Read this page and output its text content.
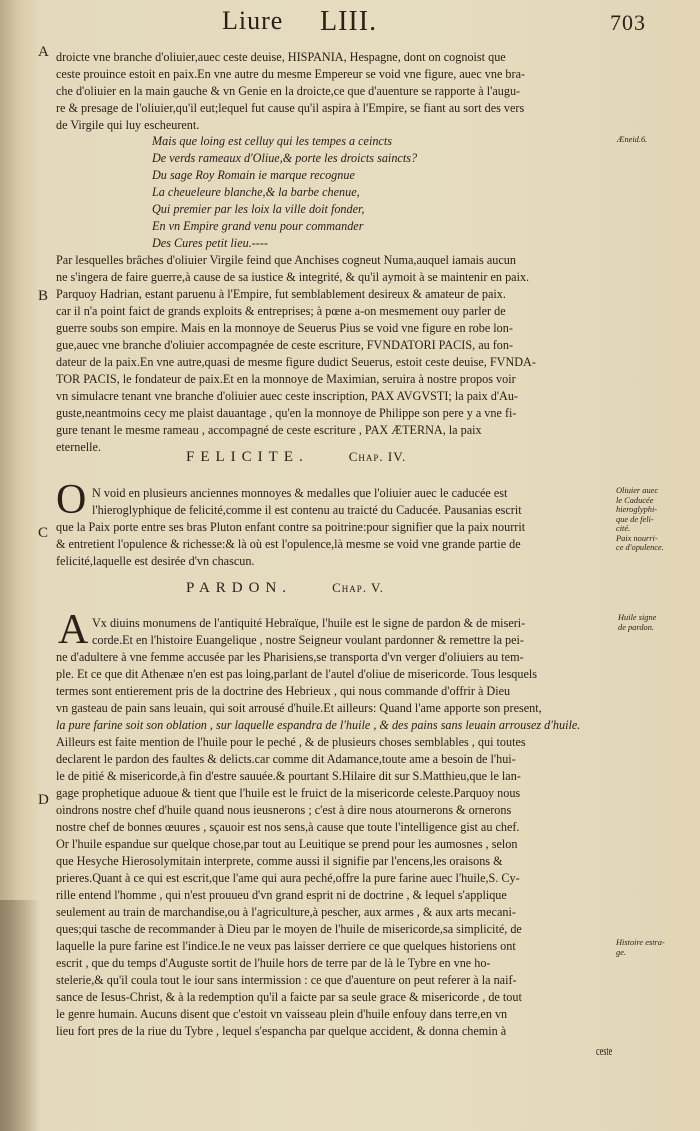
Liure LIII.	703
A
B
C
D
droicte vne branche d'oliuier,auec ceste deuise, HISPANIA, Hespagne, dont on cognoist que
ceste prouince estoit en paix.En vne autre du mesme Empereur se void vne figure, auec vne bra-
che d'oliuier en la main gauche & vn Genie en la droicte,ce que d'auenture se rapporte à l'augu-
re & presage de l'oliuier,qu'il eut;lequel fut cause qu'il aspira à l'Empire, se fiant au sort des vers
de Virgile qui luy escheurent.
Mais que loing est celluy qui les tempes a ceincts
De verds rameaux d'Oliue,& porte les droicts saincts?
Du sage Roy Romain ie marque recognue
La cheueleure blanche,& la barbe chenue,
Qui premier par les loix la ville doit fonder,
En vn Empire grand venu pour commander
Des Cures petit lieu.----
Æneid.6.
Par lesquelles brâches d'oliuier Virgile feind que Anchises cogneut Numa,auquel iamais aucun
ne s'ingera de faire guerre,à cause de sa iustice & integrité, & qu'il aymoit à se maintenir en paix.
Parquoy Hadrian, estant paruenu à l'Empire, fut semblablement desireux & amateur de paix.
car il n'a point faict de grands exploits & entreprises; à pœne a-on mesmement ouy parler de
guerre soubs son empire. Mais en la monnoye de Seuerus Pius se void vne figure en robe lon-
gue,auec vne branche d'oliuier accompagnée de ceste escriture, FVNDATORI PACIS, au fon-
dateur de la paix.En vne autre,quasi de mesme figure dudict Seuerus, estoit ceste deuise, FVNDA-
TOR PACIS, le fondateur de paix.Et en la monnoye de Maximian, seruira à nostre propos voir
vn simulacre tenant vne branche d'oliuier auec ceste inscription, PAX AVGVSTI; la paix d'Au-
guste,neantmoins cecy me plaist dauantage , qu'en la monnoye de Philippe son pere y a vne fi-
gure tenant le mesme rameau , accompagné de ceste escriture , PAX ÆTERNA, la paix
eternelle.
FELICITE.	Chap. IV.
O N void en plusieurs anciennes monnoyes & medalles que l'oliuier auec le caducée est
l'hieroglyphique de felicité,comme il est contenu au traicté du Caducée. Pausanias escrit
que la Paix porte entre ses bras Pluton enfant contre sa poitrine:pour signifier que la paix nourrit
& entretient l'opulence & richesse:& là où est l'opulence,là mesme se void vne grande partie de
felicité,laquelle est desirée d'vn chascun.
Oliuier auec
le Caducée
hieroglyphi-
que de feli-
cité.
Paix nourri-
ce d'opulence.
PARDON.	Chap. V.
A Vx diuins monumens de l'antiquité Hebraïque, l'huile est le signe de pardon & de miseri-
corde.Et en l'histoire Euangelique , nostre Seigneur voulant pardonner & remettre la pei-
ne d'adultere à vne femme accusée par les Pharisiens,se transporta d'vn verger d'oliuiers au tem-
ple. Et ce que dit Athenæe n'en est pas loing,parlant de l'autel d'oliue de misericorde. Tous lesquels
termes sont entierement pris de la doctrine des Hebrieux , qui nous commande d'offrir à Dieu
vn gasteau de pain sans leuain, qui soit arrousé d'huile.Et ailleurs: Quand l'ame apporte son present,
la pure farine soit son oblation , sur laquelle espandra de l'huile , & des pains sans leuain arrousez d'huile.
Ailleurs est faite mention de l'huile pour le peché , & de plusieurs choses semblables , qui toutes
declarent le pardon des faultes & delicts.car comme dit Adamance,toute ame a besoin de l'hui-
le de pitié & misericorde,à fin d'estre sauuée.& pourtant S.Hilaire dit sur S.Matthieu,que le lan-
gage prophetique aduoue & tient que l'huile est le fruict de la misericorde celeste.Parquoy nous
oindrons nostre chef d'huile quand nous ieusnerons ; c'est à dire nous atournerons & ornerons
nostre chef de bonnes œuures , sçauoir est nos sens,à cause que toute l'intelligence gist au chef.
Or l'huile espandue sur quelque chose,par tout au Leuitique se prend pour les aumosnes , selon
que Hesyche Hierosolymitain interprete, comme aussi il signifie par l'encens,les oraisons &
prieres.Quant à ce qui est escrit,que l'ame qui aura peché,offre la pure farine auec l'huile,S. Cy-
rille entend l'homme , qui n'est prouueu d'vn grand esprit ni de doctrine , & lequel s'applique
seulement au train de marchandise,ou à l'agriculture,à pescher, aux armes , & aux arts mecani-
ques;qui tasche de recommander à Dieu par le moyen de l'huile de misericorde,sa simplicité, de
laquelle la pure farine est l'indice.Ie ne veux pas laisser derriere ce que quelques historiens ont
escrit , que du temps d'Auguste sortit de l'huile hors de terre par de là le Tybre en vne ho-
stelerie,& qu'il coula tout le iour sans intermission : ce que d'auenture on peut referer à la naif-
sance de Iesus-Christ, & à la redemption qu'il a faicte par sa seule grace & misericorde , de tout
le genre humain. Aucuns disent que c'estoit vn vaisseau plein d'huile enfouy dans terre,en vn
lieu fort pres de la riue du Tybre , lequel s'espancha par quelque accident, & donna chemin à
ceste
Huile signe
de pardon.
Histoire estra-
ge.
